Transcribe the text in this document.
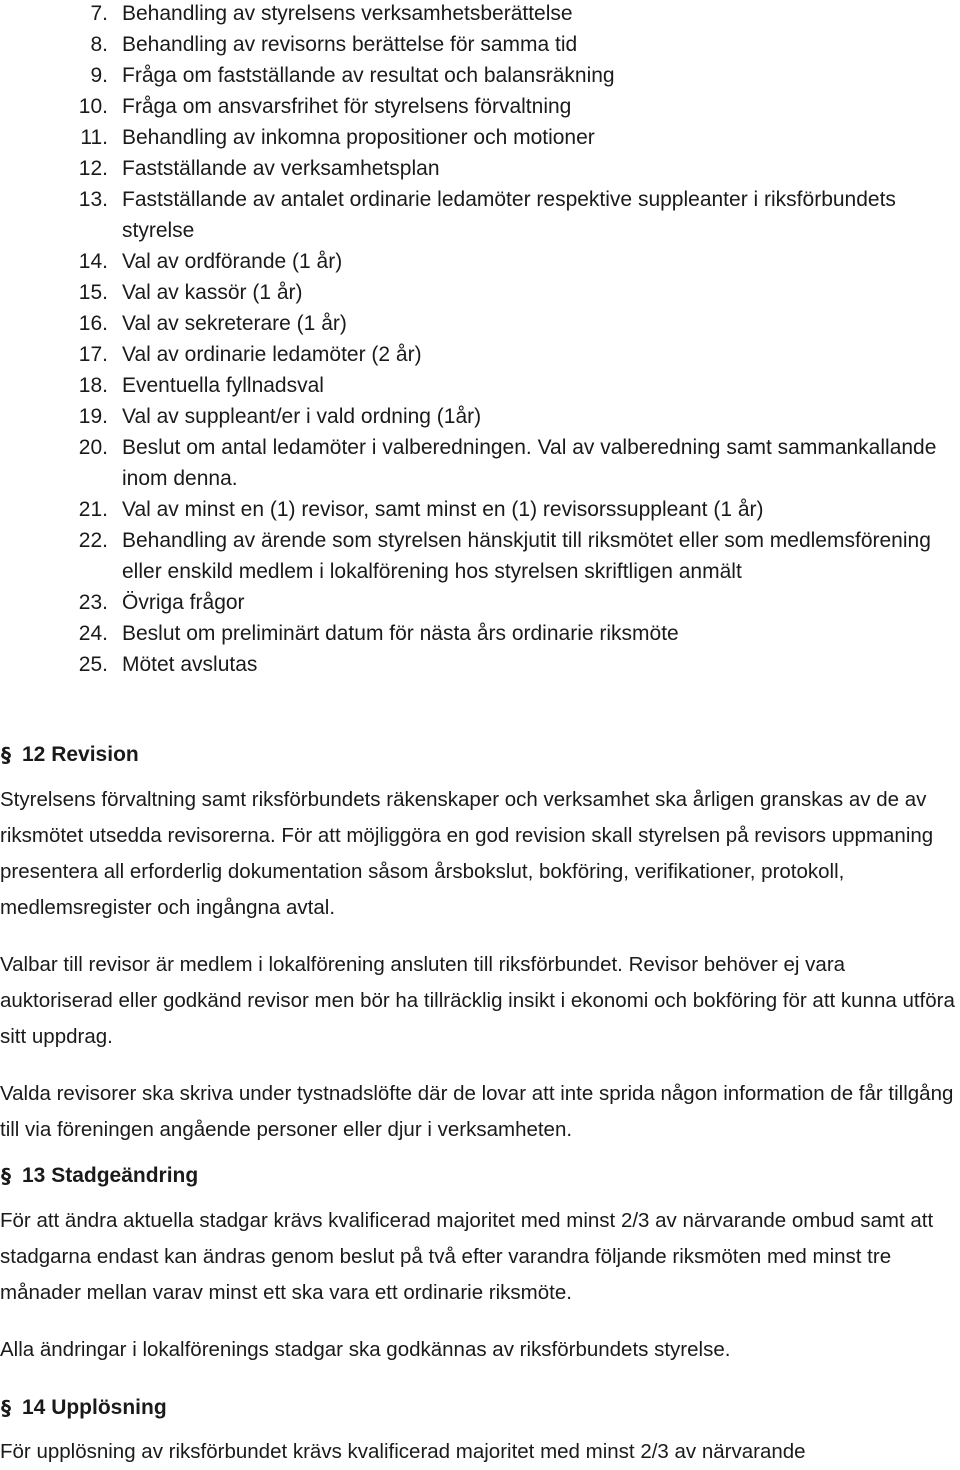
7. Behandling av styrelsens verksamhetsberättelse
8. Behandling av revisorns berättelse för samma tid
9. Fråga om fastställande av resultat och balansräkning
10. Fråga om ansvarsfrihet för styrelsens förvaltning
11. Behandling av inkomna propositioner och motioner
12. Fastställande av verksamhetsplan
13. Fastställande av antalet ordinarie ledamöter respektive suppleanter i riksförbundets styrelse
14. Val av ordförande (1 år)
15. Val av kassör (1 år)
16. Val av sekreterare (1 år)
17. Val av ordinarie ledamöter (2 år)
18. Eventuella fyllnadsval
19. Val av suppleant/er i vald ordning (1år)
20. Beslut om antal ledamöter i valberedningen. Val av valberedning samt sammankallande inom denna.
21. Val av minst en (1) revisor, samt minst en (1) revisorssuppleant (1 år)
22. Behandling av ärende som styrelsen hänskjutit till riksmötet eller som medlemsförening eller enskild medlem i lokalförening hos styrelsen skriftligen anmält
23. Övriga frågor
24. Beslut om preliminärt datum för nästa års ordinarie riksmöte
25. Mötet avslutas
§ 12 Revision

Styrelsens förvaltning samt riksförbundets räkenskaper och verksamhet ska årligen granskas av de av riksmötet utsedda revisorerna. För att möjliggöra en god revision skall styrelsen på revisors uppmaning presentera all erforderlig dokumentation såsom årsbokslut, bokföring, verifikationer, protokoll, medlemsregister och ingångna avtal.

Valbar till revisor är medlem i lokalförening ansluten till riksförbundet. Revisor behöver ej vara auktoriserad eller godkänd revisor men bör ha tillräcklig insikt i ekonomi och bokföring för att kunna utföra sitt uppdrag.

Valda revisorer ska skriva under tystnadslöfte där de lovar att inte sprida någon information de får tillgång till via föreningen angående personer eller djur i verksamheten.

§ 13 Stadgeändring

För att ändra aktuella stadgar krävs kvalificerad majoritet med minst 2/3 av närvarande ombud samt att stadgarna endast kan ändras genom beslut på två efter varandra följande riksmöten med minst tre månader mellan varav minst ett ska vara ett ordinarie riksmöte.

Alla ändringar i lokalförenings stadgar ska godkännas av riksförbundets styrelse.

§ 14 Upplösning

För upplösning av riksförbundet krävs kvalificerad majoritet med minst 2/3 av närvarande
